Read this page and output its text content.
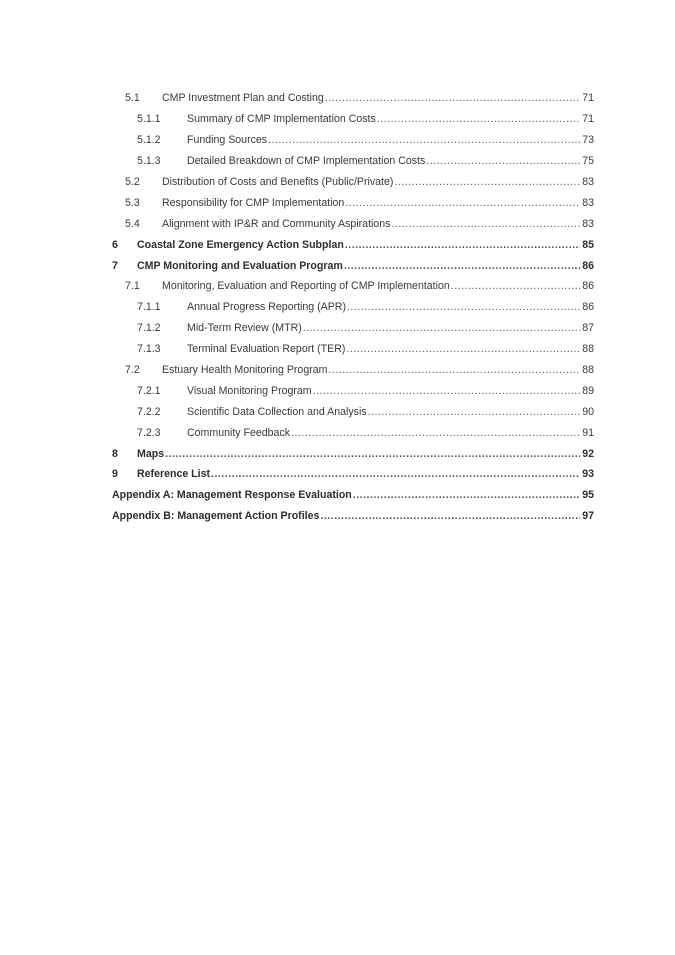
5.1 CMP Investment Plan and Costing .....	71
5.1.1 Summary of CMP Implementation Costs .....	71
5.1.2 Funding Sources .....	73
5.1.3 Detailed Breakdown of CMP Implementation Costs .....	75
5.2 Distribution of Costs and Benefits (Public/Private) .....	83
5.3 Responsibility for CMP Implementation .....	83
5.4 Alignment with IP&R and Community Aspirations .....	83
6 Coastal Zone Emergency Action Subplan .....	85
7 CMP Monitoring and Evaluation Program .....	86
7.1 Monitoring, Evaluation and Reporting of CMP Implementation .....	86
7.1.1 Annual Progress Reporting (APR) .....	86
7.1.2 Mid-Term Review (MTR) .....	87
7.1.3 Terminal Evaluation Report (TER) .....	88
7.2 Estuary Health Monitoring Program .....	88
7.2.1 Visual Monitoring Program .....	89
7.2.2 Scientific Data Collection and Analysis .....	90
7.2.3 Community Feedback .....	91
8 Maps .....	92
9 Reference List .....	93
Appendix A: Management Response Evaluation .....	95
Appendix B: Management Action Profiles .....	97
